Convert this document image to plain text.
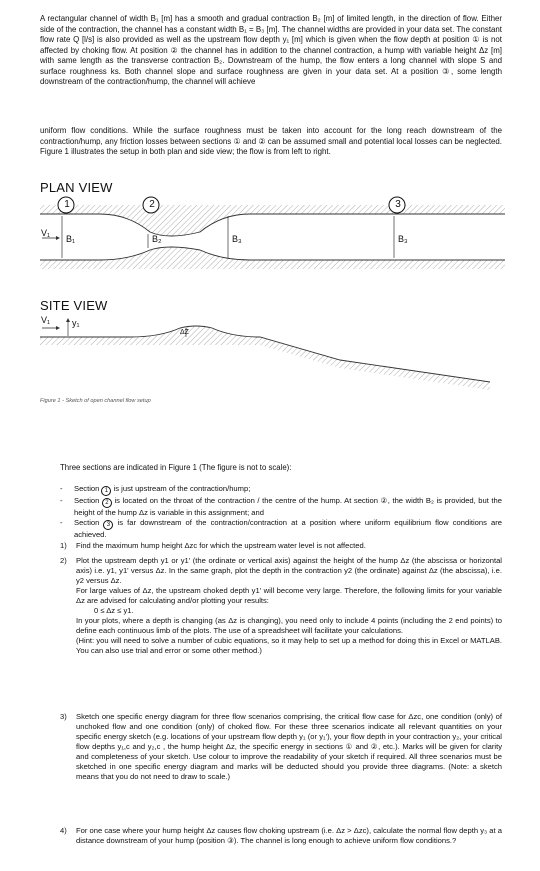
A rectangular channel of width B₁ [m] has a smooth and gradual contraction B₂ [m] of limited length, in the direction of flow. Either side of the contraction, the channel has a constant width B₁ = B₃ [m]. The channel widths are provided in your data set. The constant flow rate Q [l/s] is also provided as well as the upstream flow depth y₁ [m] which is given when the flow depth at position ① is not affected by choking flow. At position ② the channel has in addition to the channel contraction, a hump with variable height Δz [m] with same length as the transverse contraction B₂. Downstream of the hump, the flow enters a long channel with slope S and surface roughness ks. Both channel slope and surface roughness are given in your data set. At a position ③, some length downstream of the contraction/hump, the channel will achieve

uniform flow conditions. While the surface roughness must be taken into account for the long reach downstream of the contraction/hump, any friction losses between sections ① and ② can be assumed small and potential local losses can be neglected. Figure 1 illustrates the setup in both plan and side view; the flow is from left to right.

PLAN VIEW
1	2	3
V₁
B₁	B₂	B₃	B₃
SITE VIEW
V₁ y₁
ΔZ
Figure 1 - Sketch of open channel flow setup
Three sections are indicated in Figure 1 (The figure is not to scale):
- Section 1 is just upstream of the contraction/hump;
- Section 2 is located on the throat of the contraction / the centre of the hump. At section ②, the width B₂ is provided, but the height of the hump Δz is variable in this assignment; and
- Section 3 is far downstream of the contraction/contraction at a position where uniform equilibrium flow conditions are achieved.
1) Find the maximum hump height Δzc for which the upstream water level is not affected.
2) Plot the upstream depth y1 or y1' (the ordinate or vertical axis) against the height of the hump Δz (the abscissa or horizontal axis) i.e. y1, y1' versus Δz. In the same graph, plot the depth in the contraction y2 (the ordinate) against Δz (the abscissa), i.e. y2 versus Δz.
For large values of Δz, the upstream choked depth y1' will become very large. Therefore, the following limits for your variable Δz are advised for calculating and/or plotting your results:
0 ≤ Δz ≤ y1.
In your plots, where a depth is changing (as Δz is changing), you need only to include 4 points (including the 2 end points) to define each continuous limb of the plots. The use of a spreadsheet will facilitate your calculations.
(Hint: you will need to solve a number of cubic equations, so it may help to set up a method for doing this in Excel or MATLAB. You can also use trial and error or some other method.)
3) Sketch one specific energy diagram for three flow scenarios comprising, the critical flow case for Δzc, one condition (only) of unchoked flow and one condition (only) of choked flow. For these three scenarios indicate all relevant quantities on your specific energy sketch (e.g. locations of your upstream flow depth y₁ (or y₁'), your flow depth in your contraction y₂, your critical flow depths y₁,c and y₂,c , the hump height Δz, the specific energy in sections ① and ②, etc.). Marks will be given for clarity and completeness of your sketch. Use colour to improve the readability of your sketch if required. All three scenarios must be sketched in one specific energy diagram and marks will be deducted should you provide three diagrams. (Note: a sketch means that you do not need to draw to scale.)
4) For one case where your hump height Δz causes flow choking upstream (i.e. Δz > Δzc), calculate the normal flow depth y₃ at a distance downstream of your hump (position ③). The channel is long enough to achieve uniform flow conditions.?
